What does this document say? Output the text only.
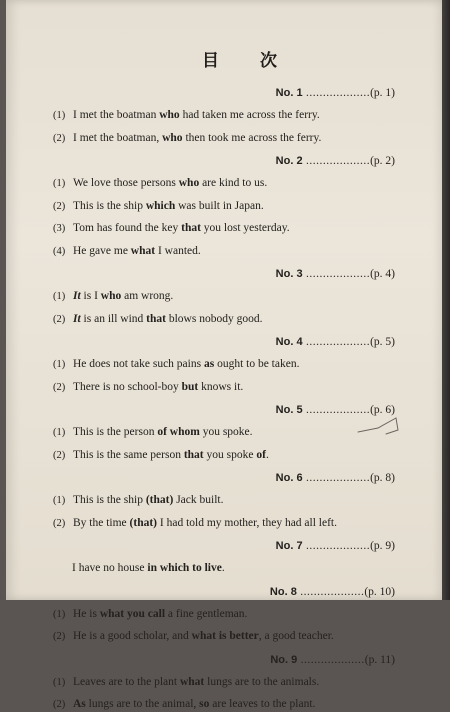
目　次
No. 1 ...................(p. 1)
(1) I met the boatman who had taken me across the ferry.
(2) I met the boatman, who then took me across the ferry.
No. 2 ...................(p. 2)
(1) We love those persons who are kind to us.
(2) This is the ship which was built in Japan.
(3) Tom has found the key that you lost yesterday.
(4) He gave me what I wanted.
No. 3 ...................(p. 4)
(1) It is I who am wrong.
(2) It is an ill wind that blows nobody good.
No. 4 ...................(p. 5)
(1) He does not take such pains as ought to be taken.
(2) There is no school-boy but knows it.
No. 5 ...................(p. 6)
(1) This is the person of whom you spoke.
(2) This is the same person that you spoke of.
No. 6 ...................(p. 8)
(1) This is the ship (that) Jack built.
(2) By the time (that) I had told my mother, they had all left.
No. 7 ...................(p. 9)
I have no house in which to live.
No. 8 ...................(p. 10)
(1) He is what you call a fine gentleman.
(2) He is a good scholar, and what is better, a good teacher.
No. 9 ...................(p. 11)
(1) Leaves are to the plant what lungs are to the animals.
(2) As lungs are to the animal, so are leaves to the plant.
